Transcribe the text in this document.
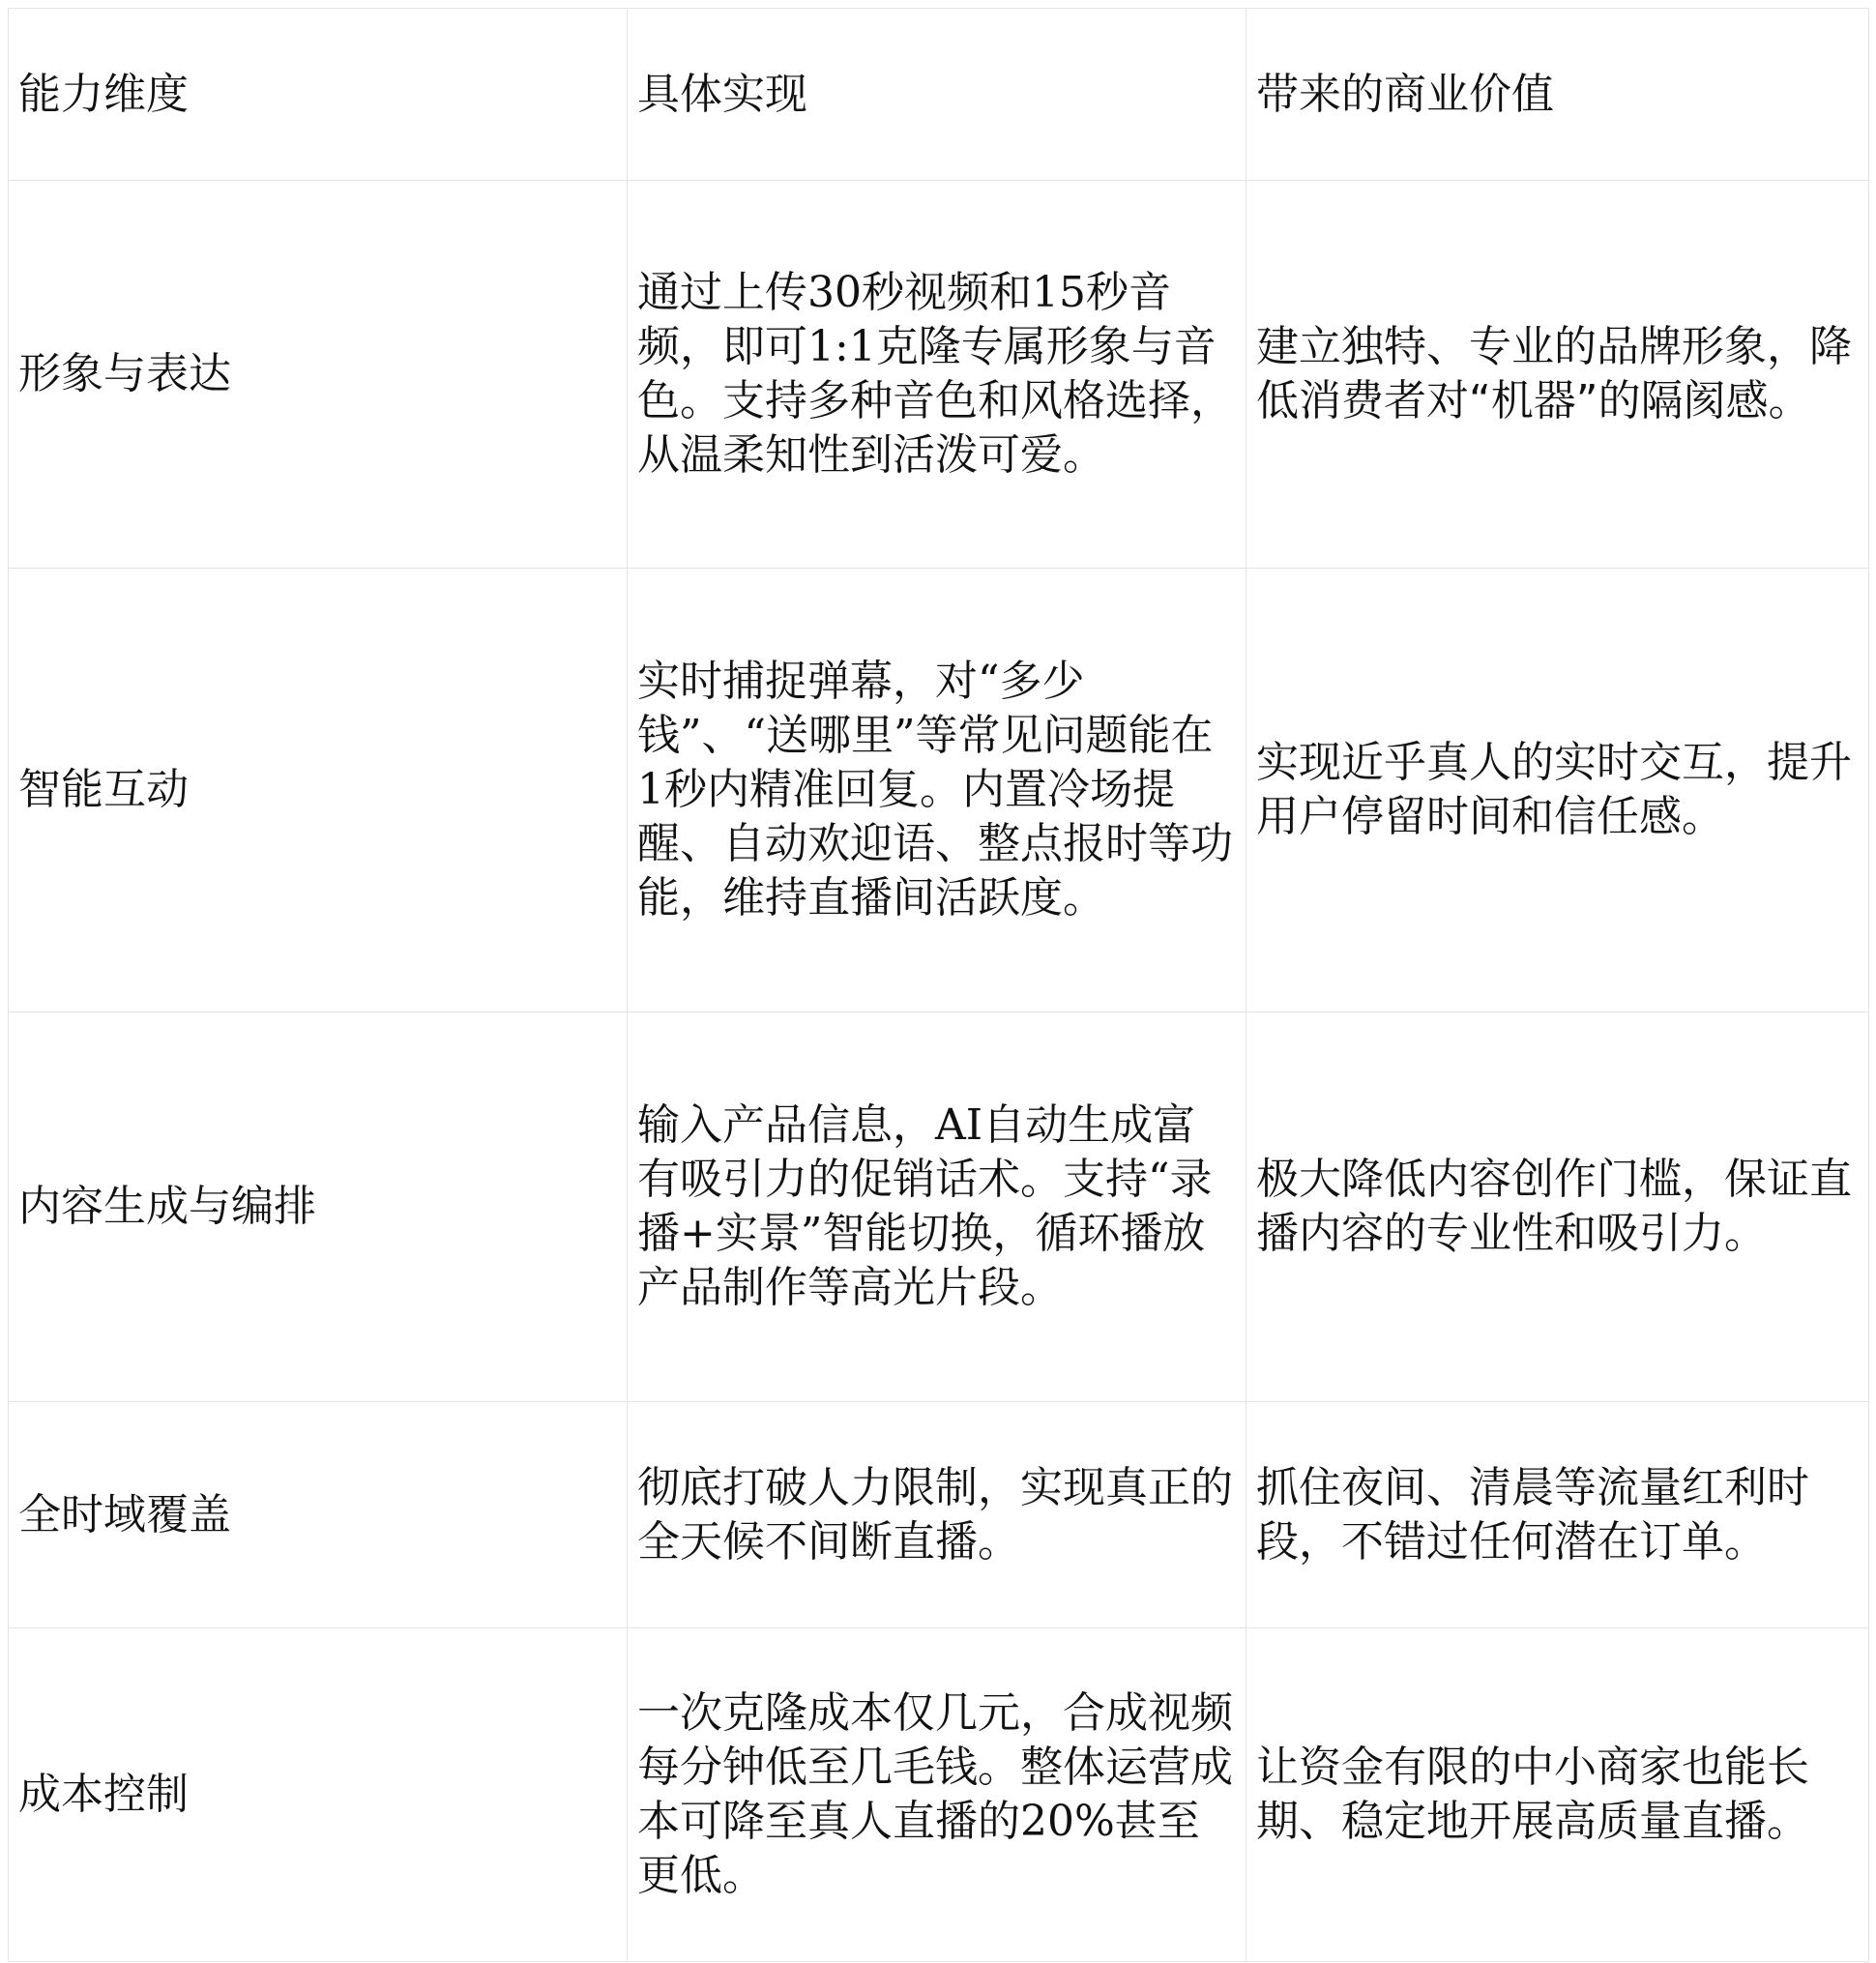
能力维度	具体实现	带来的商业价值
形象与表达	通过上传30秒视频和15秒音频，即可1:1克隆专属形象与音色。支持多种音色和风格选择，从温柔知性到活泼可爱。	建立独特、专业的品牌形象，降低消费者对“机器”的隔阂感。
智能互动	实时捕捉弹幕，对“多少钱”、“送哪里”等常见问题能在1秒内精准回复。内置冷场提醒、自动欢迎语、整点报时等功能，维持直播间活跃度。	实现近乎真人的实时交互，提升用户停留时间和信任感。
内容生成与编排	输入产品信息，AI自动生成富有吸引力的促销话术。支持“录播+实景”智能切换，循环播放产品制作等高光片段。	极大降低内容创作门槛，保证直播内容的专业性和吸引力。
全时域覆盖	彻底打破人力限制，实现真正的全天候不间断直播。	抓住夜间、清晨等流量红利时段，不错过任何潜在订单。
成本控制	一次克隆成本仅几元，合成视频每分钟低至几毛钱。整体运营成本可降至真人直播的20%甚至更低。	让资金有限的中小商家也能长期、稳定地开展高质量直播。
